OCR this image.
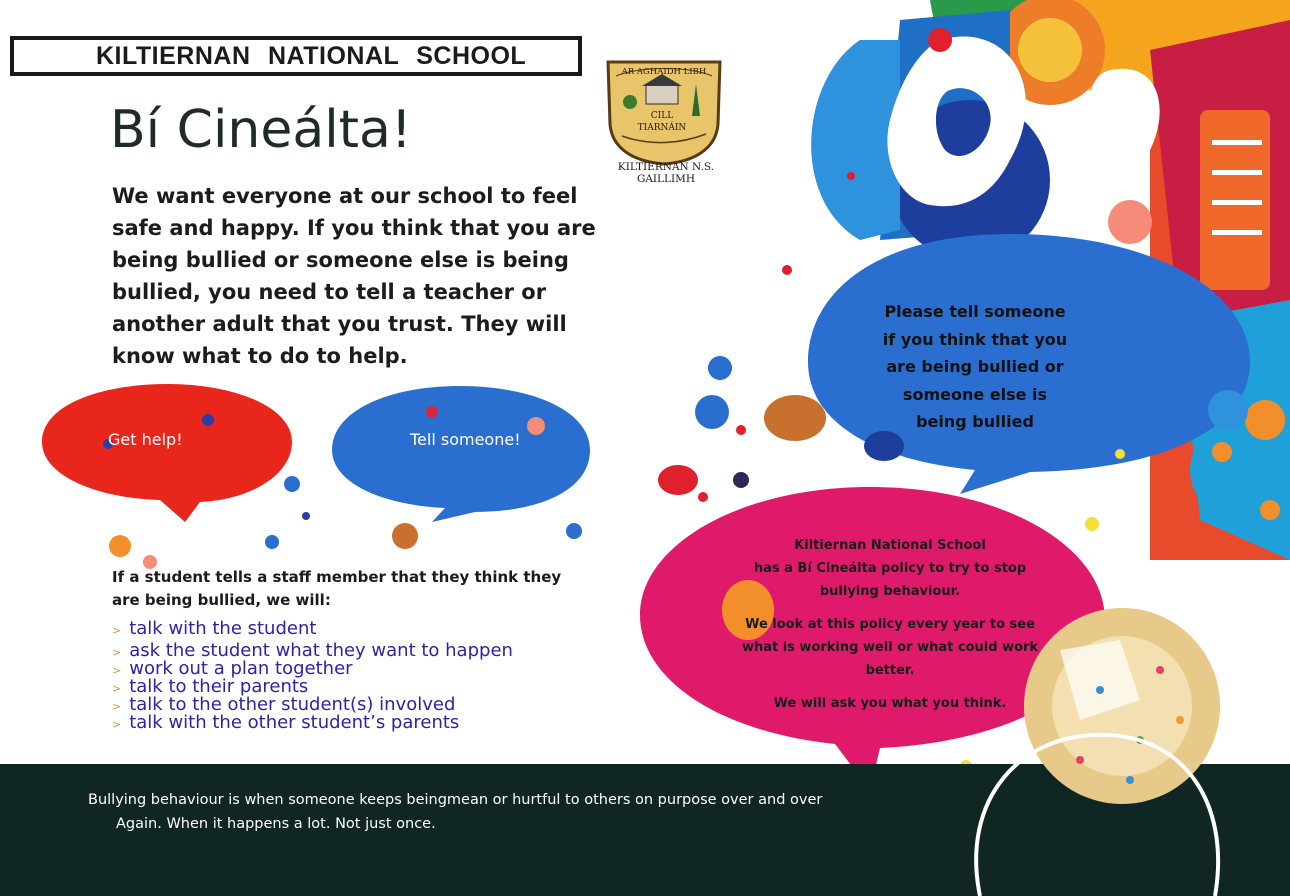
KILTIERNAN NATIONAL SCHOOL
AR AGHAIDH LIBH
CILL
TIARNÁIN
KILTIERNAN N.S.
GAILLIMH
Bí Cineálta!

We want everyone at our school to feel safe and happy. If you think that you are being bullied or someone else is being bullied, you need to tell a teacher or another adult that you trust. They will know what to do to help.

Get help!	Tell someone!
Please tell someone
if you think that you
are being bullied or
someone else is
being bullied

If a student tells a staff member that they think they are being bullied, we will:

> talk with the student
> ask the student what they want to happen
> work out a plan together
> talk to their parents
> talk to the other student(s) involved
> talk with the other student’s parents

Kiltiernan National School

has a Bí Cineálta policy to try to stop

bullying behaviour.

We look at this policy every year to see

what is working well or what could work

better.

We will ask you what you think.

Bullying behaviour is when someone keeps beingmean or hurtful to others on purpose over and over
Again. When it happens a lot. Not just once.
